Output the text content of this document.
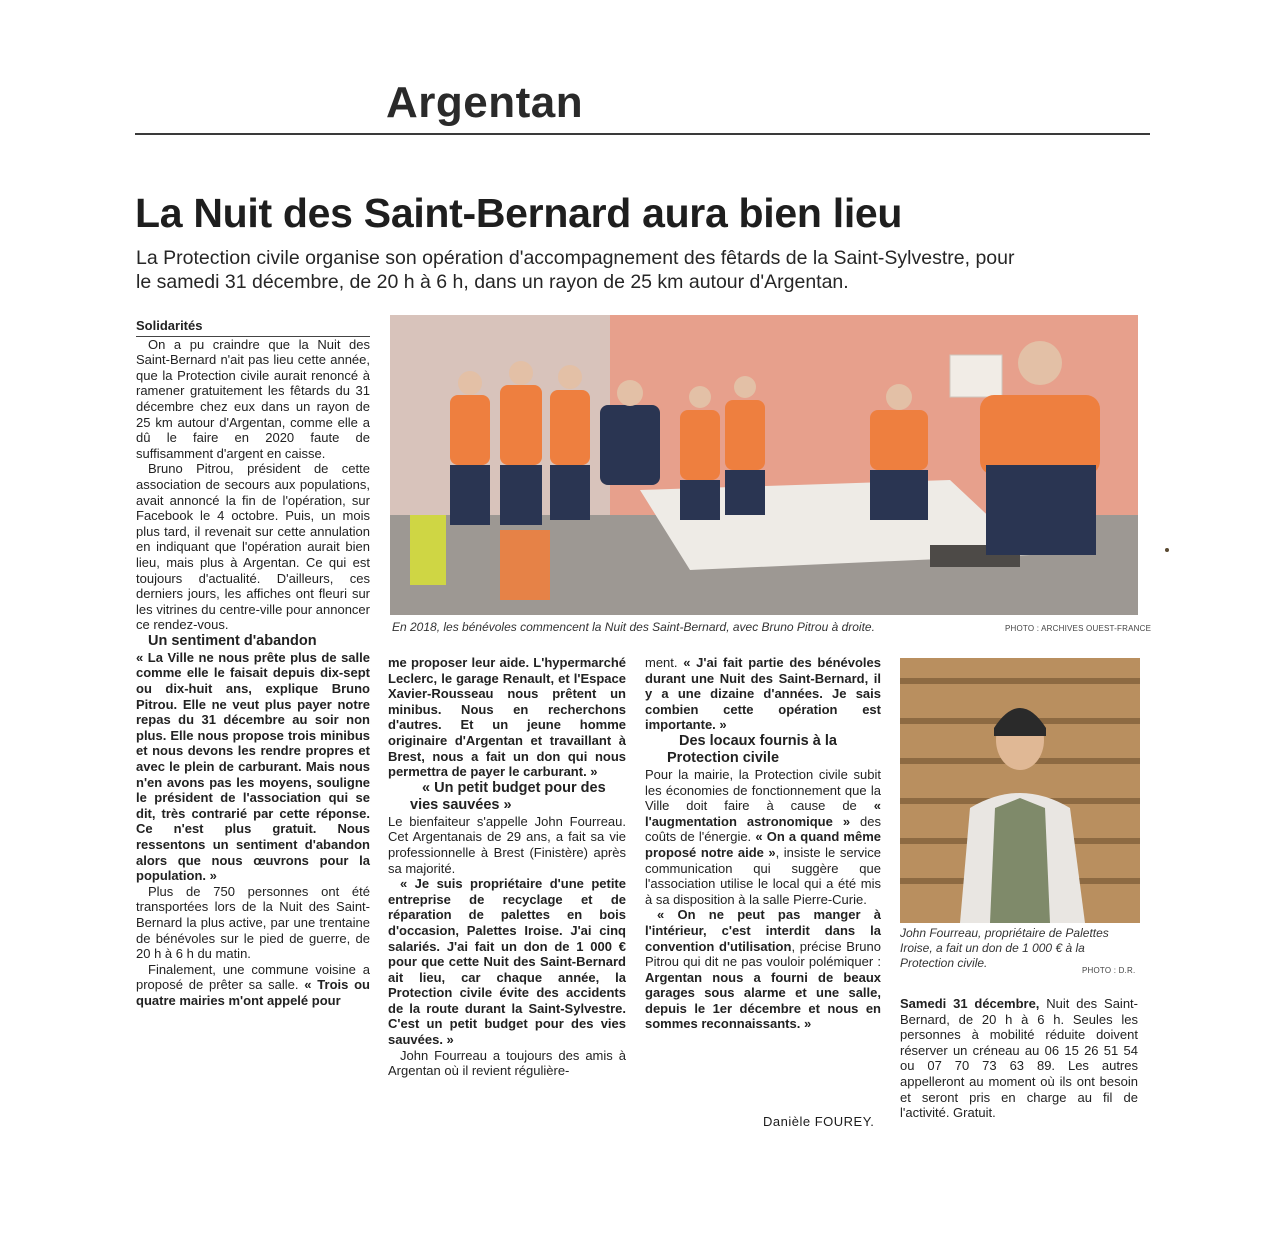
Argentan
La Nuit des Saint-Bernard aura bien lieu

La Protection civile organise son opération d'accompagnement des fêtards de la Saint-Sylvestre, pour le samedi 31 décembre, de 20 h à 6 h, dans un rayon de 25 km autour d'Argentan.

Solidarités

On a pu craindre que la Nuit des Saint-Bernard n'ait pas lieu cette année, que la Protection civile aurait renoncé à ramener gratuitement les fêtards du 31 décembre chez eux dans un rayon de 25 km autour d'Argentan, comme elle a dû le faire en 2020 faute de suffisamment d'argent en caisse.

Bruno Pitrou, président de cette association de secours aux populations, avait annoncé la fin de l'opération, sur Facebook le 4 octobre. Puis, un mois plus tard, il revenait sur cette annulation en indiquant que l'opération aurait bien lieu, mais plus à Argentan. Ce qui est toujours d'actualité. D'ailleurs, ces derniers jours, les affiches ont fleuri sur les vitrines du centre-ville pour annoncer ce rendez-vous.

Un sentiment d'abandon

« La Ville ne nous prête plus de salle comme elle le faisait depuis dix-sept ou dix-huit ans, explique Bruno Pitrou. Elle ne veut plus payer notre repas du 31 décembre au soir non plus. Elle nous propose trois minibus et nous devons les rendre propres et avec le plein de carburant. Mais nous n'en avons pas les moyens, souligne le président de l'association qui se dit, très contrarié par cette réponse. Ce n'est plus gratuit. Nous ressentons un sentiment d'abandon alors que nous œuvrons pour la population. »

Plus de 750 personnes ont été transportées lors de la Nuit des Saint-Bernard la plus active, par une trentaine de bénévoles sur le pied de guerre, de 20 h à 6 h du matin.

Finalement, une commune voisine a proposé de prêter sa salle. « Trois ou quatre mairies m'ont appelé pour

En 2018, les bénévoles commencent la Nuit des Saint-Bernard, avec Bruno Pitrou à droite.	PHOTO : ARCHIVES OUEST-FRANCE

me proposer leur aide. L'hypermarché Leclerc, le garage Renault, et l'Espace Xavier-Rousseau nous prêtent un minibus. Nous en recherchons d'autres. Et un jeune homme originaire d'Argentan et travaillant à Brest, nous a fait un don qui nous permettra de payer le carburant. »

« Un petit budget pour des vies sauvées »

Le bienfaiteur s'appelle John Fourreau. Cet Argentanais de 29 ans, a fait sa vie professionnelle à Brest (Finistère) après sa majorité.

« Je suis propriétaire d'une petite entreprise de recyclage et de réparation de palettes en bois d'occasion, Palettes Iroise. J'ai cinq salariés. J'ai fait un don de 1 000 € pour que cette Nuit des Saint-Bernard ait lieu, car chaque année, la Protection civile évite des accidents de la route durant la Saint-Sylvestre. C'est un petit budget pour des vies sauvées. »

John Fourreau a toujours des amis à Argentan où il revient régulière-

ment. « J'ai fait partie des bénévoles durant une Nuit des Saint-Bernard, il y a une dizaine d'années. Je sais combien cette opération est importante. »

Des locaux fournis à la Protection civile

Pour la mairie, la Protection civile subit les économies de fonctionnement que la Ville doit faire à cause de « l'augmentation astronomique » des coûts de l'énergie. « On a quand même proposé notre aide », insiste le service communication qui suggère que l'association utilise le local qui a été mis à sa disposition à la salle Pierre-Curie.

« On ne peut pas manger à l'intérieur, c'est interdit dans la convention d'utilisation, précise Bruno Pitrou qui dit ne pas vouloir polémiquer : Argentan nous a fourni de beaux garages sous alarme et une salle, depuis le 1er décembre et nous en sommes reconnaissants. »

Danièle FOUREY.
John Fourreau, propriétaire de Palettes Iroise, a fait un don de 1 000 € à la Protection civile.
PHOTO : D.R.

Samedi 31 décembre, Nuit des Saint-Bernard, de 20 h à 6 h. Seules les personnes à mobilité réduite doivent réserver un créneau au 06 15 26 51 54 ou 07 70 73 63 89. Les autres appelleront au moment où ils ont besoin et seront pris en charge au fil de l'activité. Gratuit.
